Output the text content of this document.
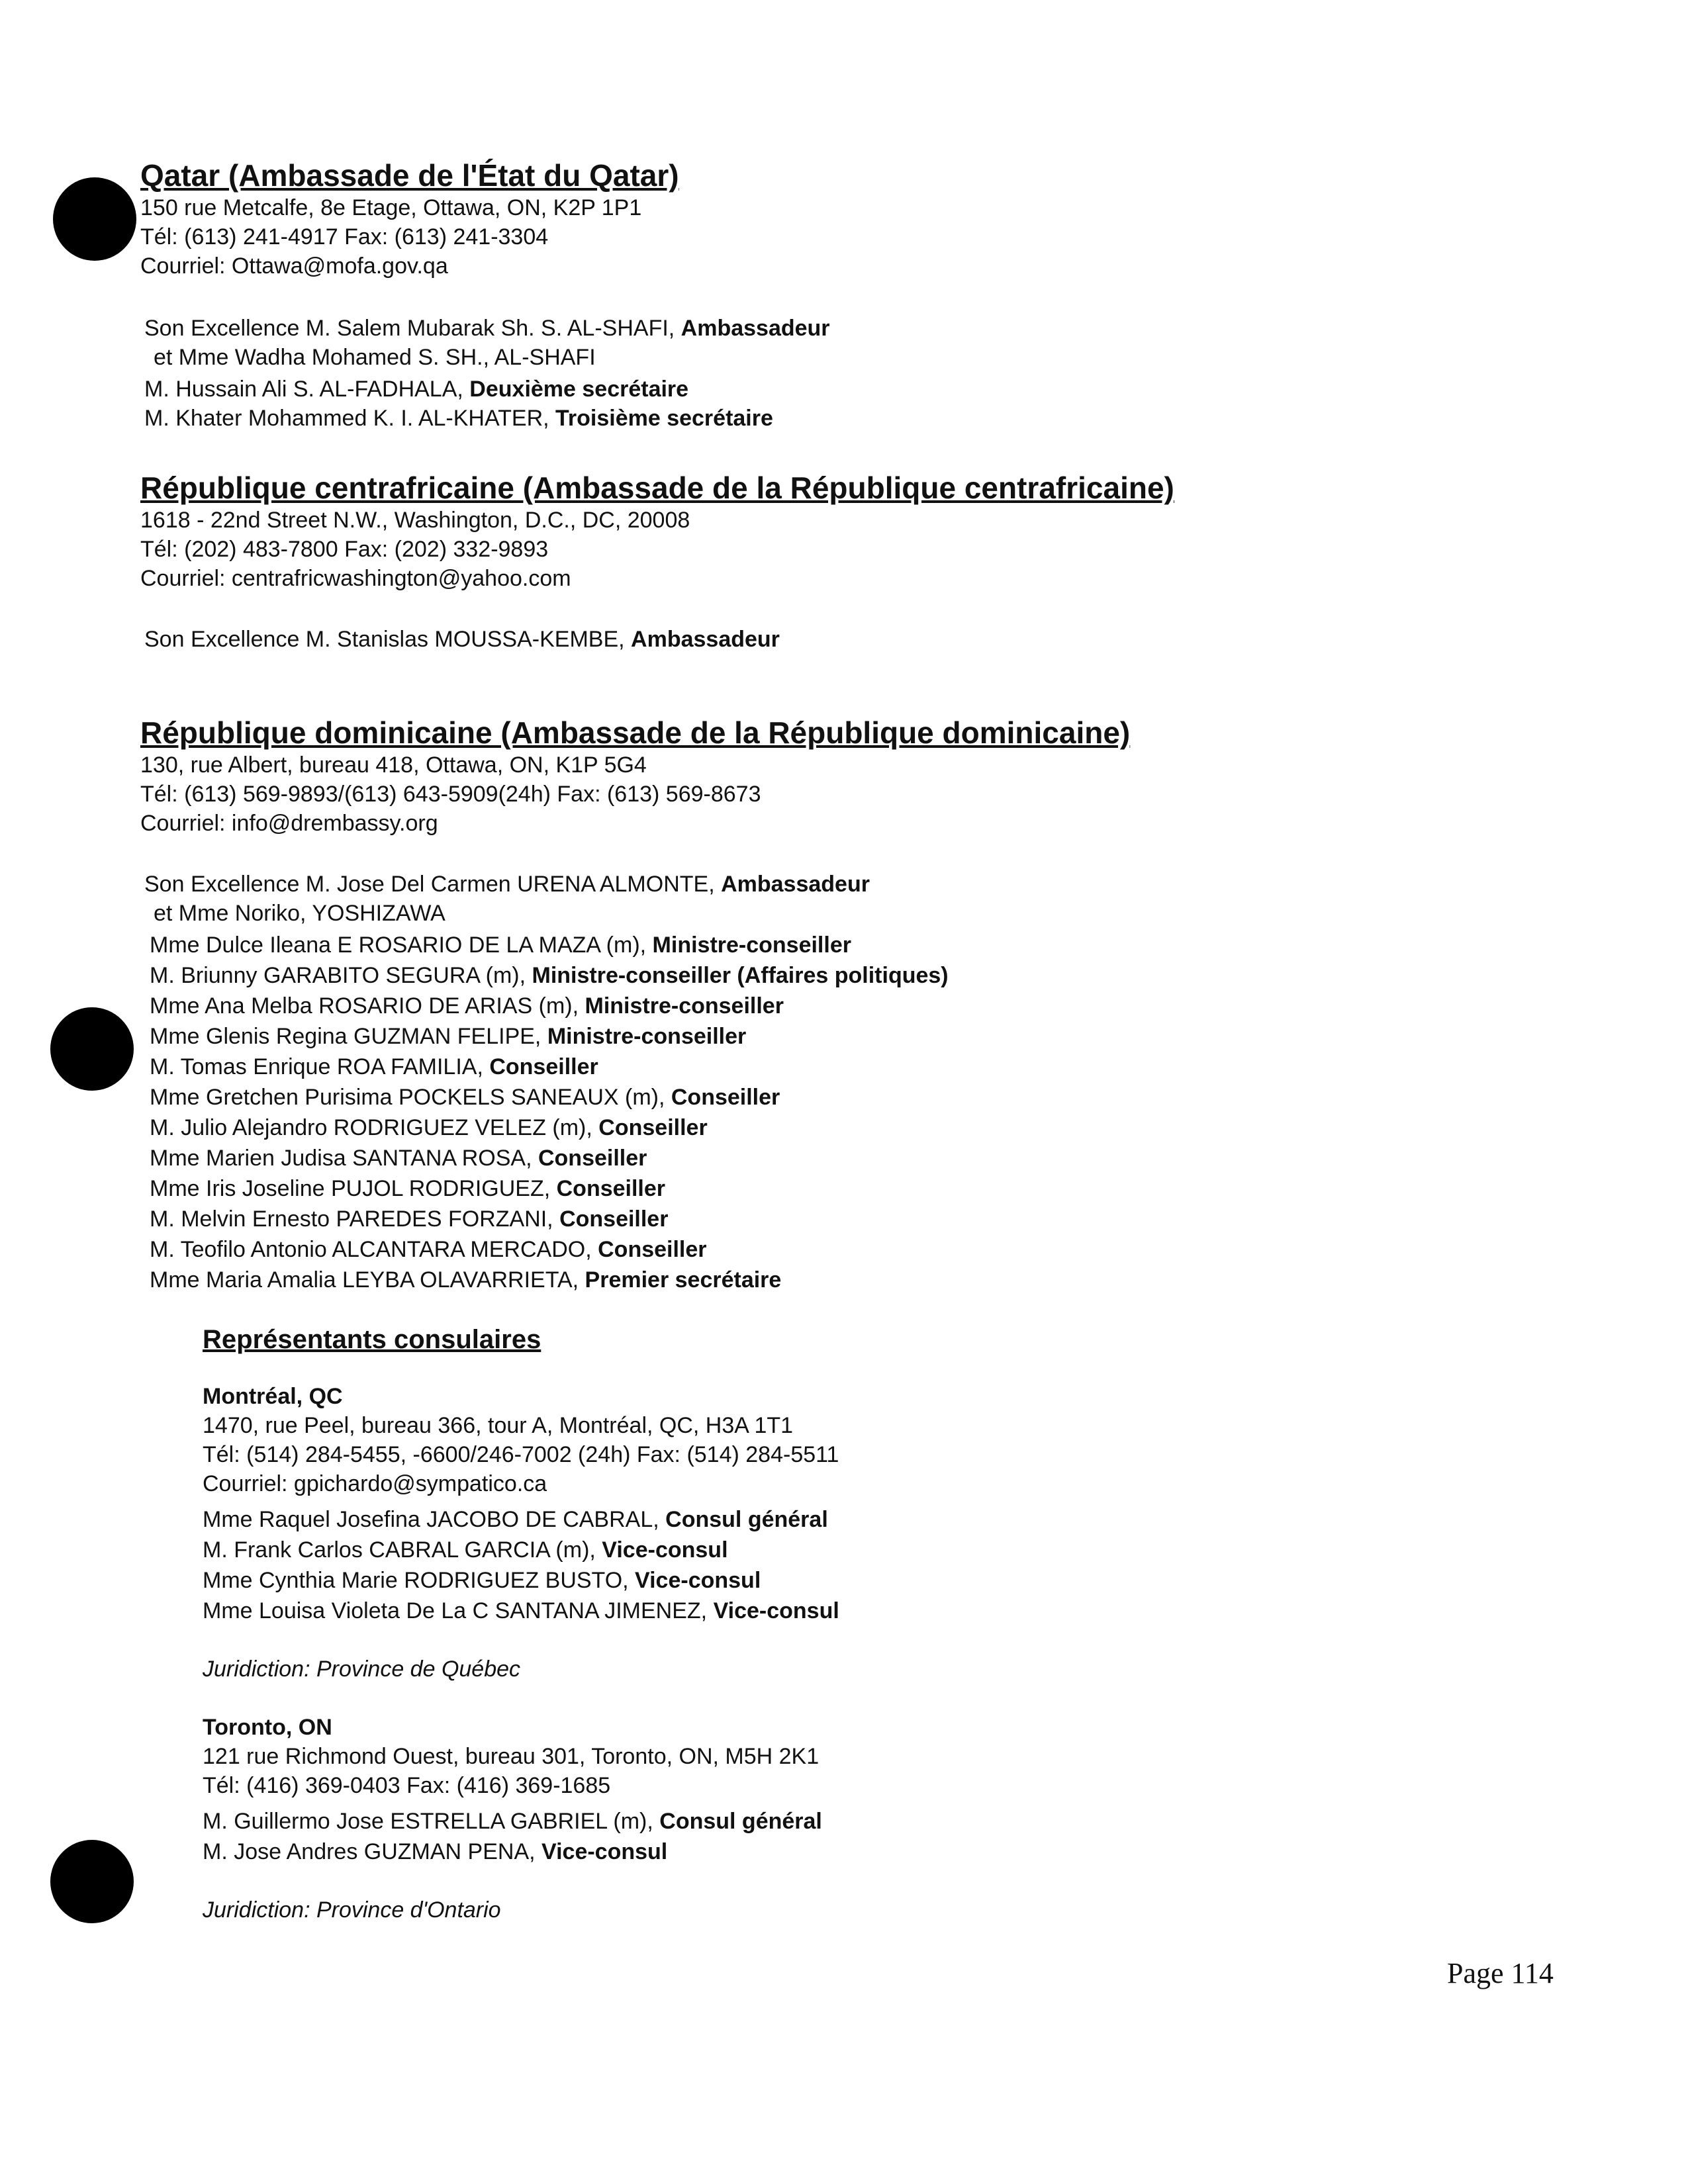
Qatar (Ambassade de l'État du Qatar)

150 rue Metcalfe, 8e Etage, Ottawa, ON, K2P 1P1

Tél: (613) 241-4917 Fax: (613) 241-3304

Courriel: Ottawa@mofa.gov.qa

Son Excellence M. Salem Mubarak Sh. S. AL-SHAFI, Ambassadeur

et Mme Wadha Mohamed S. SH., AL-SHAFI

M. Hussain Ali S. AL-FADHALA, Deuxième secrétaire

M. Khater Mohammed K. I. AL-KHATER, Troisième secrétaire

République centrafricaine (Ambassade de la République centrafricaine)

1618 - 22nd Street N.W., Washington, D.C., DC, 20008

Tél: (202) 483-7800 Fax: (202) 332-9893

Courriel: centrafricwashington@yahoo.com

Son Excellence M. Stanislas MOUSSA-KEMBE, Ambassadeur

République dominicaine (Ambassade de la République dominicaine)

130, rue Albert, bureau 418, Ottawa, ON, K1P 5G4

Tél: (613) 569-9893/(613) 643-5909(24h) Fax: (613) 569-8673

Courriel: info@drembassy.org

Son Excellence M. Jose Del Carmen URENA ALMONTE, Ambassadeur

et Mme Noriko, YOSHIZAWA

Mme Dulce Ileana E ROSARIO DE LA MAZA (m), Ministre-conseiller

M. Briunny GARABITO SEGURA (m), Ministre-conseiller (Affaires politiques)

Mme Ana Melba ROSARIO DE ARIAS (m), Ministre-conseiller

Mme Glenis Regina GUZMAN FELIPE, Ministre-conseiller

M. Tomas Enrique ROA FAMILIA, Conseiller

Mme Gretchen Purisima POCKELS SANEAUX (m), Conseiller

M. Julio Alejandro RODRIGUEZ VELEZ (m), Conseiller

Mme Marien Judisa SANTANA ROSA, Conseiller

Mme Iris Joseline PUJOL RODRIGUEZ, Conseiller

M. Melvin Ernesto PAREDES FORZANI, Conseiller

M. Teofilo Antonio ALCANTARA MERCADO, Conseiller

Mme Maria Amalia LEYBA OLAVARRIETA, Premier secrétaire

Représentants consulaires

Montréal, QC

1470, rue Peel, bureau 366, tour A, Montréal, QC, H3A 1T1

Tél: (514) 284-5455, -6600/246-7002 (24h) Fax: (514) 284-5511

Courriel: gpichardo@sympatico.ca

Mme Raquel Josefina JACOBO DE CABRAL, Consul général

M. Frank Carlos CABRAL GARCIA (m), Vice-consul

Mme Cynthia Marie RODRIGUEZ BUSTO, Vice-consul

Mme Louisa Violeta De La C SANTANA JIMENEZ, Vice-consul

Juridiction: Province de Québec

Toronto, ON

121 rue Richmond Ouest, bureau 301, Toronto, ON, M5H 2K1

Tél: (416) 369-0403 Fax: (416) 369-1685

M. Guillermo Jose ESTRELLA GABRIEL (m), Consul général

M. Jose Andres GUZMAN PENA, Vice-consul

Juridiction: Province d'Ontario

Page 114
